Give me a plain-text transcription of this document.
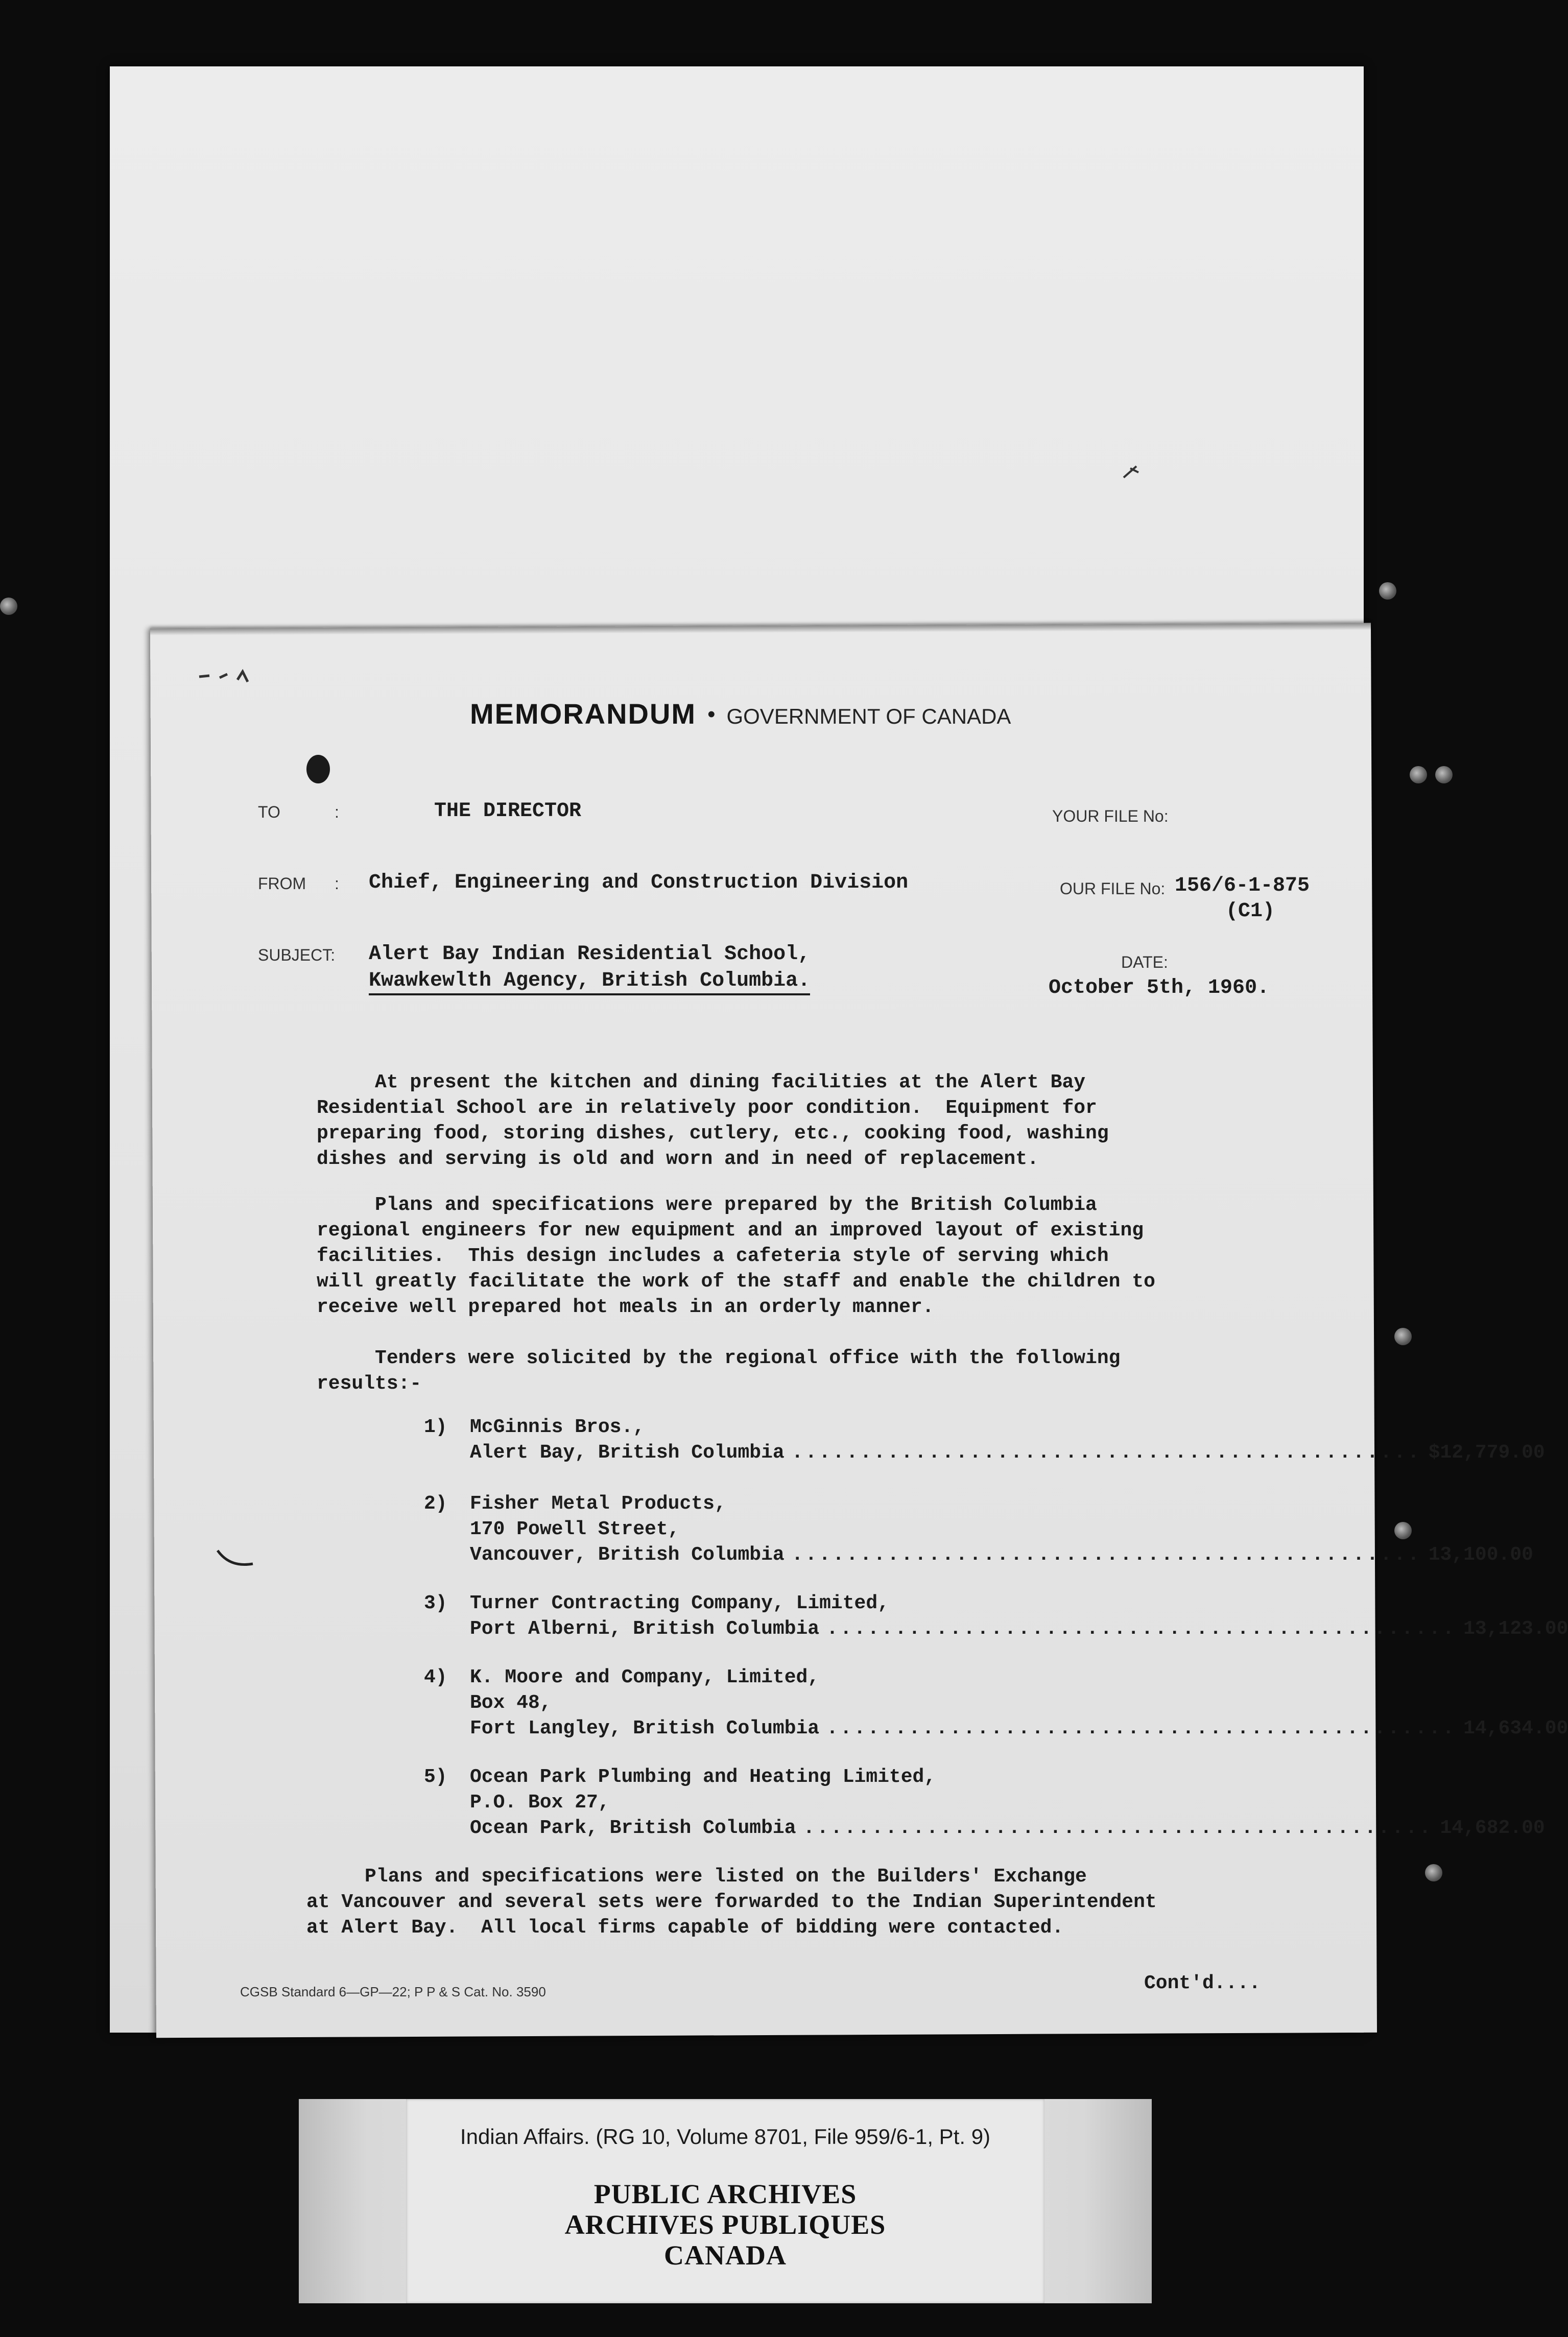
MEMORANDUM • GOVERNMENT OF CANADA
TO	:	THE DIRECTOR	YOUR FILE No:
FROM : Chief, Engineering and Construction Division	OUR FILE No: 156/6-1-875
(C1)
SUBJECT: Alert Bay Indian Residential School,
Kwawkewlth Agency, British Columbia.
DATE:
October 5th, 1960.
At present the kitchen and dining facilities at the Alert Bay
Residential School are in relatively poor condition.  Equipment for
preparing food, storing dishes, cutlery, etc., cooking food, washing
dishes and serving is old and worn and in need of replacement.
Plans and specifications were prepared by the British Columbia
regional engineers for new equipment and an improved layout of existing
facilities.  This design includes a cafeteria style of serving which
will greatly facilitate the work of the staff and enable the children to
receive well prepared hot meals in an orderly manner.
Tenders were solicited by the regional office with the following
results:-
1) McGinnis Bros.,
Alert Bay, British Columbia .............................................. $12,779.00
2) Fisher Metal Products,
170 Powell Street,
Vancouver, British Columbia .............................................. 13,100.00
3) Turner Contracting Company, Limited,
Port Alberni, British Columbia .............................................. 13,123.00
4) K. Moore and Company, Limited,
Box 48,
Fort Langley, British Columbia .............................................. 14,634.00
5) Ocean Park Plumbing and Heating Limited,
P.O. Box 27,
Ocean Park, British Columbia .............................................. 14,682.00
Plans and specifications were listed on the Builders' Exchange
at Vancouver and several sets were forwarded to the Indian Superintendent
at Alert Bay.  All local firms capable of bidding were contacted.
CGSB Standard 6—GP—22; P P & S Cat. No. 3590	Cont'd....
Indian Affairs. (RG 10, Volume 8701, File 959/6-1, Pt. 9)
PUBLIC ARCHIVES
ARCHIVES PUBLIQUES
CANADA
